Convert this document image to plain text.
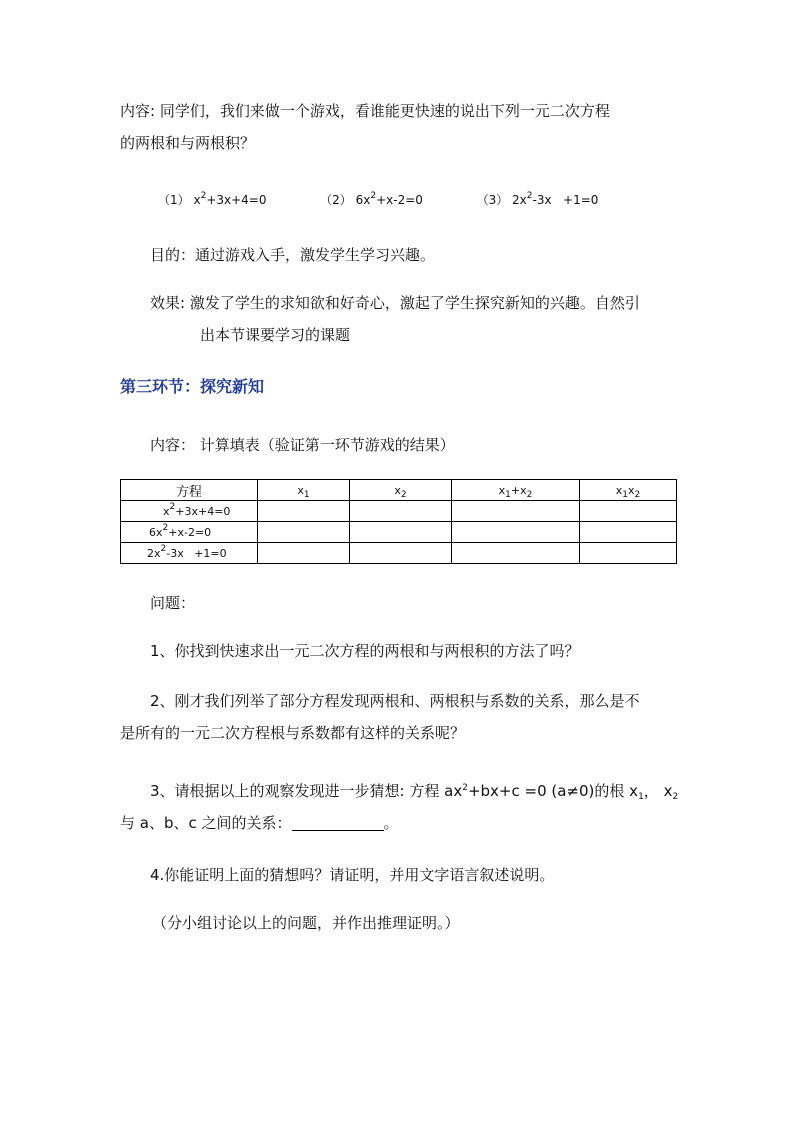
内容: 同学们，我们来做一个游戏，看谁能更快速的说出下列一元二次方程
的两根和与两根积？
（1） $x^2+3x+4=0$	（2） $6x^2+x-2=0$	（3） $2x^2-3x +1=0$
目的：通过游戏入手，激发学生学习兴趣。
效果: 激发了学生的求知欲和好奇心，激起了学生探究新知的兴趣。自然引
出本节课要学习的课题
第三环节：探究新知
内容： 计算填表（验证第一环节游戏的结果）
方程	$x_1$	$x_2$	$x_1+x_2$	$x_1x_2$
$x^2+3x+4=0$				
$6x^2+x-2=0$				
$2x^2-3x +1=0$				
问题：
1、你找到快速求出一元二次方程的两根和与两根积的方法了吗？
2、刚才我们列举了部分方程发现两根和、两根积与系数的关系，那么是不
是所有的一元二次方程根与系数都有这样的关系呢？
3、请根据以上的观察发现进一步猜想: 方程 $ax^2+bx+c =0$ (a≠0)的根 $x_1$， $x_2$
与 a、b、c 之间的关系：	。
4.你能证明上面的猜想吗？请证明，并用文字语言叙述说明。
（分小组讨论以上的问题，并作出推理证明。）
